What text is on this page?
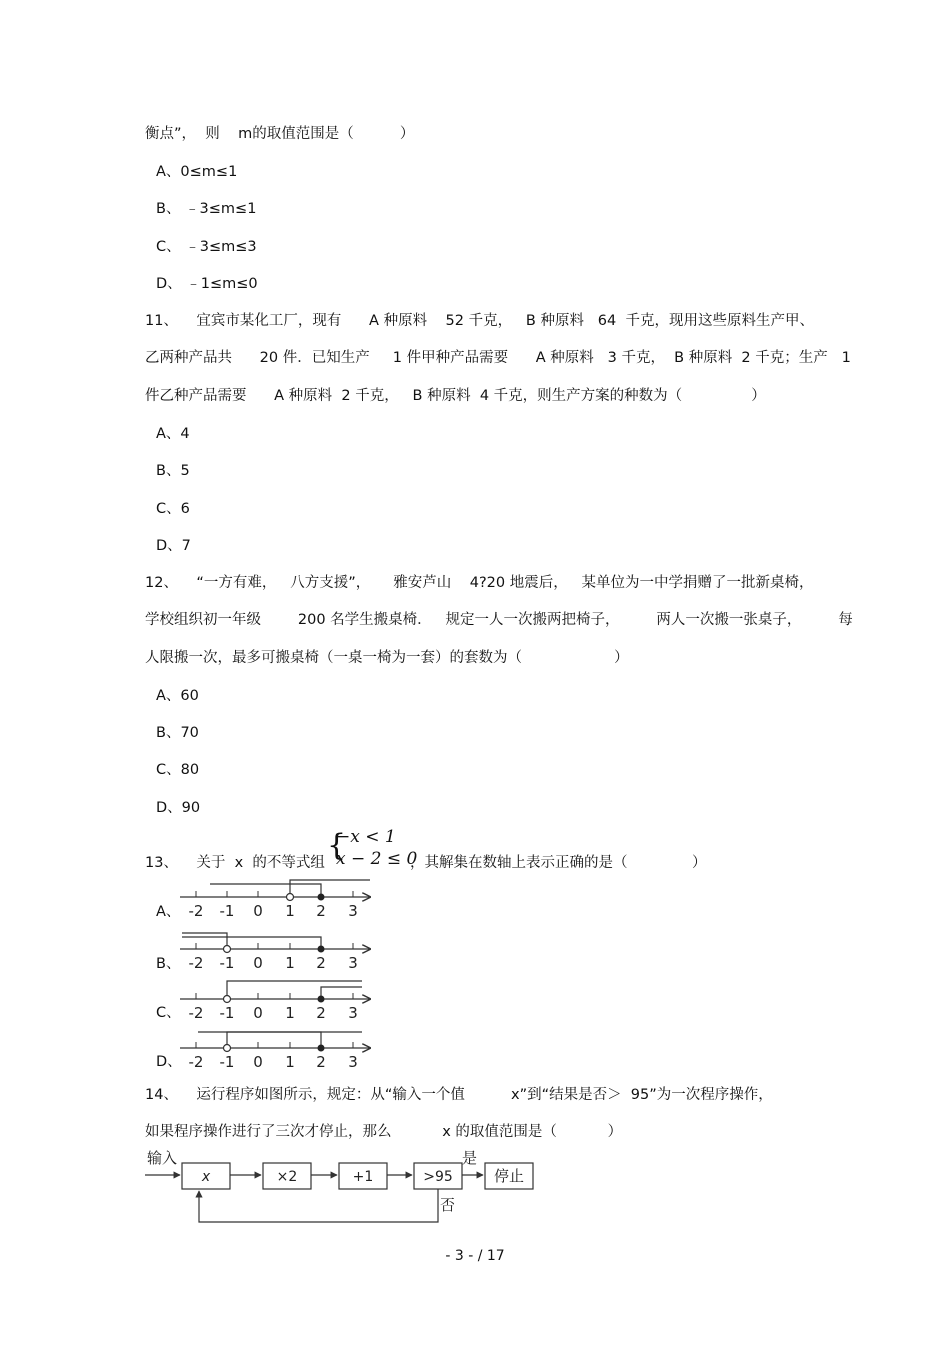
衡点”，  则    m的取值范围是（          ）
A、0≤m≤1
B、 ﹣3≤m≤1
C、 ﹣3≤m≤3
D、 ﹣1≤m≤0
11、    宜宾市某化工厂，现有      A 种原料    52 千克，   B 种原料   64  千克，现用这些原料生产甲、
乙两种产品共      20 件．已知生产     1 件甲种产品需要      A 种原料   3 千克，  B 种原料  2 千克；生产   1
件乙种产品需要      A 种原料  2 千克，   B 种原料  4 千克，则生产方案的种数为（               ）
A、4
B、5
C、6
D、7
12、    “一方有难，   八方支援”，     雅安芦山    4?20 地震后，   某单位为一中学捐赠了一批新桌椅，
学校组织初一年级        200 名学生搬桌椅．   规定一人一次搬两把椅子，        两人一次搬一张桌子，        每
人限搬一次，最多可搬桌椅（一桌一椅为一套）的套数为（                    ）
A、60
B、70
C、80
D、90
13、    关于  x  的不等式组 {
−x < 1
x − 2 ≤ 0
，其解集在数轴上表示正确的是（              ）
A、
B、
C、
D、
-2 -1 0 1 2 3
-2 -1 0 1 2 3
-2 -1 0 1 2 3
-2 -1 0 1 2 3
14、    运行程序如图所示，规定：从“输入一个值          x”到“结果是否＞  95”为一次程序操作，
如果程序操作进行了三次才停止，那么           x 的取值范围是（           ）
输入
x	×2	+1	>95
是
停止
否
- 3 - / 17
